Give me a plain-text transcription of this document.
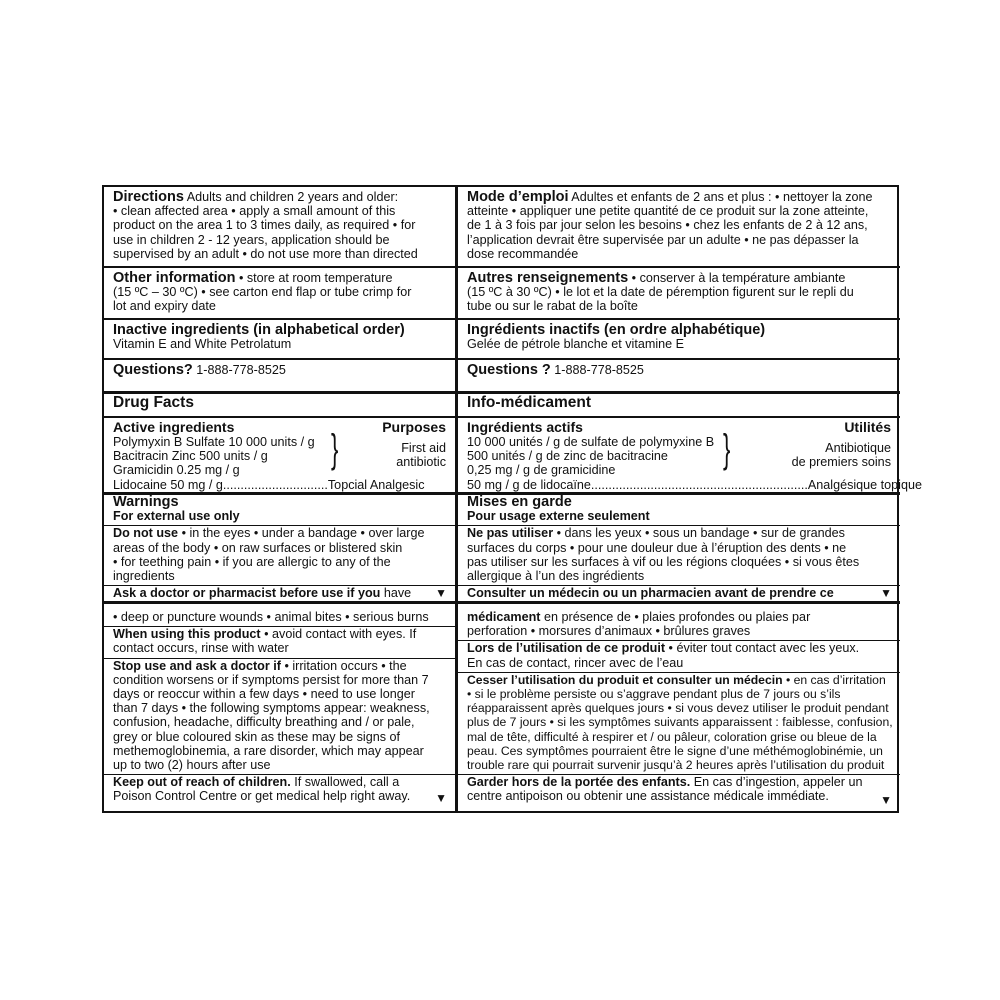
Directions Adults and children 2 years and older:
• clean affected area • apply a small amount of this
product on the area 1 to 3 times daily, as required • for
use in children 2 - 12 years, application should be
supervised by an adult • do not use more than directed
Other information • store at room temperature
(15 ºC – 30 ºC) • see carton end flap or tube crimp for
lot and expiry date
Inactive ingredients (in alphabetical order)
Vitamin E and White Petrolatum
Questions? 1-888-778-8525
Drug Facts
Active ingredients	Purposes
Polymyxin B Sulfate 10 000 units / g
Bacitracin Zinc 500 units / g
Gramicidin 0.25 mg / g	}	First aid
antibiotic
Lidocaine 50 mg / g..............................Topcial Analgesic
Warnings
For external use only
Do not use • in the eyes • under a bandage • over large
areas of the body • on raw surfaces or blistered skin
• for teething pain • if you are allergic to any of the
ingredients
Ask a doctor or pharmacist before use if you have ▼
• deep or puncture wounds • animal bites • serious burns
When using this product • avoid contact with eyes. If
contact occurs, rinse with water
Stop use and ask a doctor if • irritation occurs • the
condition worsens or if symptoms persist for more than 7
days or reoccur within a few days • need to use longer
than 7 days • the following symptoms appear: weakness,
confusion, headache, difficulty breathing and / or pale,
grey or blue coloured skin as these may be signs of
methemoglobinemia, a rare disorder, which may appear
up to two (2) hours after use
Keep out of reach of children. If swallowed, call a
Poison Control Centre or get medical help right away. ▼
Mode d’emploi Adultes et enfants de 2 ans et plus : • nettoyer la zone
atteinte • appliquer une petite quantité de ce produit sur la zone atteinte,
de 1 à 3 fois par jour selon les besoins • chez les enfants de 2 à 12 ans,
l’application devrait être supervisée par un adulte • ne pas dépasser la
dose recommandée
Autres renseignements • conserver à la température ambiante
(15 ºC à 30 ºC) • le lot et la date de péremption figurent sur le repli du
tube ou sur le rabat de la boîte
Ingrédients inactifs (en ordre alphabétique)
Gelée de pétrole blanche et vitamine E
Questions ? 1-888-778-8525
Info-médicament
Ingrédients actifs	Utilités
10 000 unités / g de sulfate de polymyxine B
500 unités / g de zinc de bacitracine
0,25 mg / g de gramicidine	}	Antibiotique
de premiers soins
50 mg / g de lidocaïne..............................................................Analgésique topique
Mises en garde
Pour usage externe seulement
Ne pas utiliser • dans les yeux • sous un bandage • sur de grandes
surfaces du corps • pour une douleur due à l’éruption des dents • ne
pas utiliser sur les surfaces à vif ou les régions cloquées • si vous êtes
allergique à l’un des ingrédients
Consulter un médecin ou un pharmacien avant de prendre ce	▼
médicament en présence de • plaies profondes ou plaies par
perforation • morsures d’animaux • brûlures graves
Lors de l’utilisation de ce produit • éviter tout contact avec les yeux.
En cas de contact, rincer avec de l’eau
Cesser l’utilisation du produit et consulter un médecin • en cas d’irritation
• si le problème persiste ou s’aggrave pendant plus de 7 jours ou s’ils
réapparaissent après quelques jours • si vous devez utiliser le produit pendant
plus de 7 jours • si les symptômes suivants apparaissent : faiblesse, confusion,
mal de tête, difficulté à respirer et / ou pâleur, coloration grise ou bleue de la
peau. Ces symptômes pourraient être le signe d’une méthémoglobinémie, un
trouble rare qui pourrait survenir jusqu’à 2 heures après l’utilisation du produit
Garder hors de la portée des enfants. En cas d’ingestion, appeler un
centre antipoison ou obtenir une assistance médicale immédiate.	▼
